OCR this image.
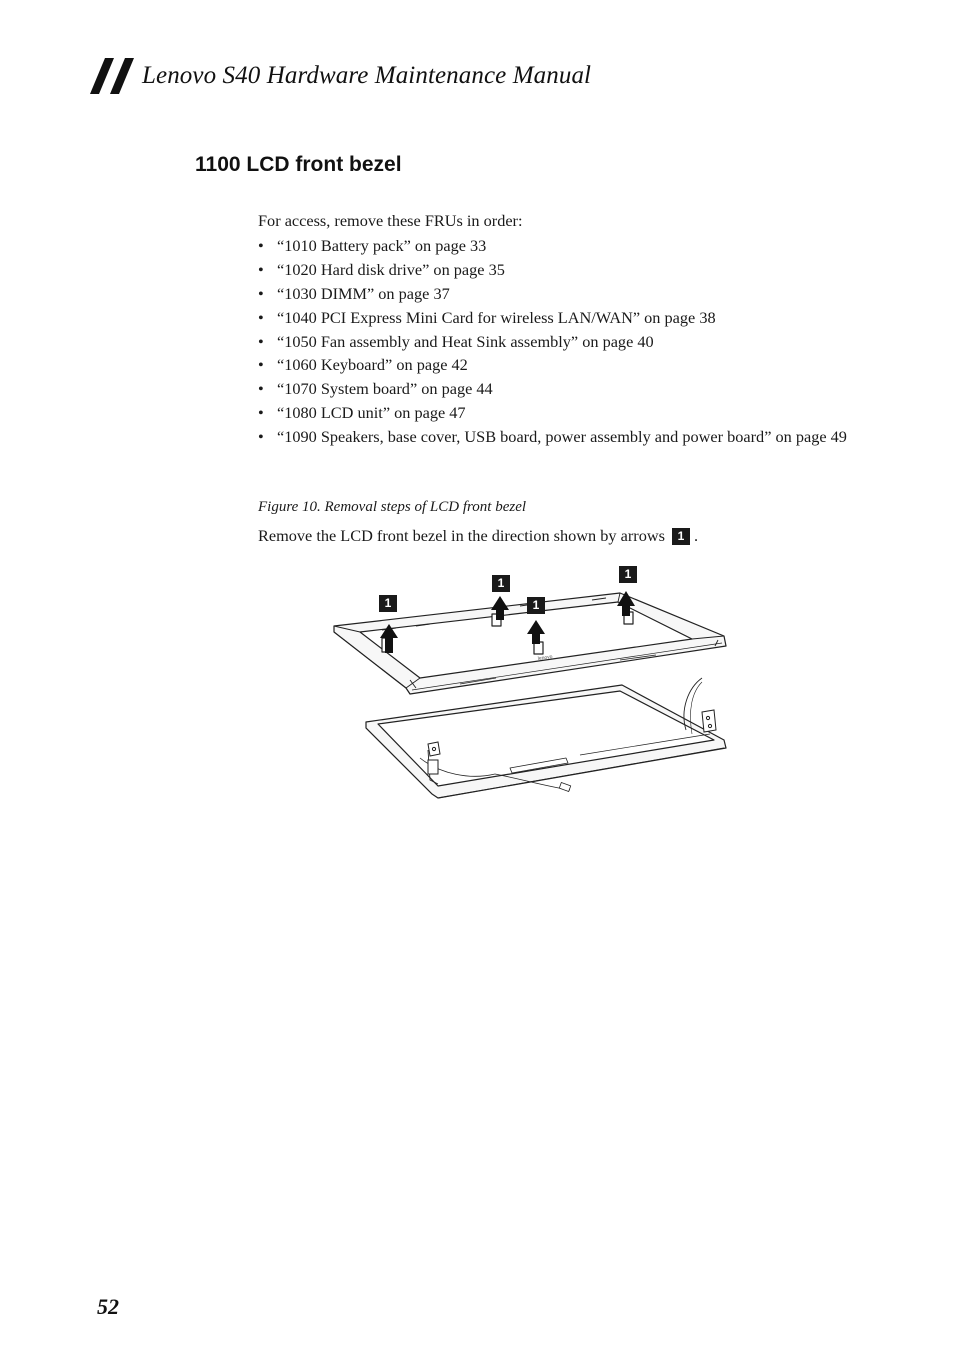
Lenovo S40 Hardware Maintenance Manual
1100 LCD front bezel
For access, remove these FRUs in order:
• “1010 Battery pack” on page 33
• “1020 Hard disk drive” on page 35
• “1030 DIMM” on page 37
• “1040 PCI Express Mini Card for wireless LAN/WAN” on page 38
• “1050 Fan assembly and Heat Sink assembly” on page 40
• “1060 Keyboard” on page 42
• “1070 System board” on page 44
• “1080 LCD unit” on page 47
• “1090 Speakers, base cover, USB board, power assembly and power board” on page 49
Figure 10. Removal steps of LCD front bezel
Remove the LCD front bezel in the direction shown by arrows	1 .
lenovo
1
1
1
1
52
